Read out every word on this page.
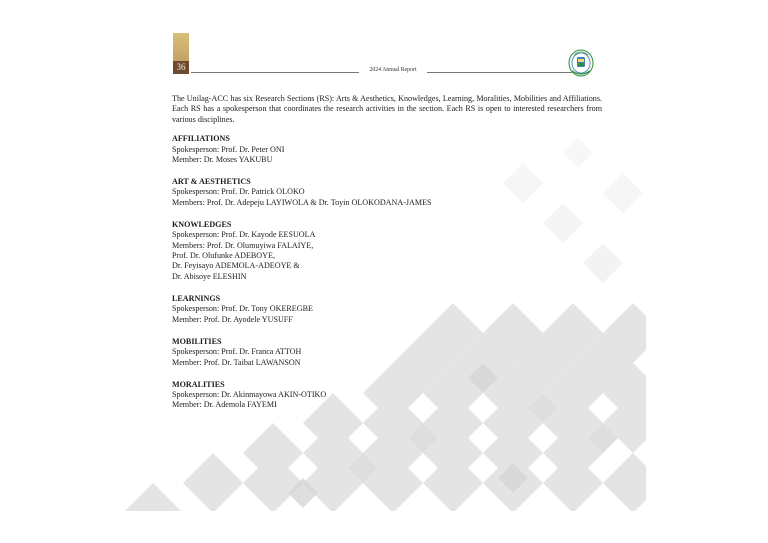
36	2024 Annual Report

The Unilag-ACC has six Research Sections (RS): Arts & Aesthetics, Knowledges, Learning, Moralities, Mobilities and Affiliations. Each RS has a spokesperson that coordinates the research activities in the section. Each RS is open to interested researchers from various disciplines.

AFFILIATIONS

Spokesperson: Prof. Dr. Peter ONI

Member: Dr. Moses YAKUBU

ART & AESTHETICS

Spokesperson: Prof. Dr. Patrick OLOKO

Members: Prof. Dr. Adepeju LAYIWOLA & Dr. Toyin OLOKODANA-JAMES

KNOWLEDGES

Spokesperson: Prof. Dr. Kayode EESUOLA

Members: Prof. Dr. Olumuyiwa FALAIYE,

Prof. Dr. Olufunke ADEBOYE,

Dr. Feyisayo ADEMOLA-ADEOYE &

Dr. Abisoye ELESHIN

LEARNINGS

Spokesperson: Prof. Dr. Tony OKEREGBE

Member: Prof. Dr. Ayodele YUSUFF

MOBILITIES

Spokesperson: Prof. Dr. Franca ATTOH

Member: Prof. Dr. Taibat LAWANSON

MORALITIES

Spokesperson: Dr. Akinmayowa AKIN-OTIKO

Member: Dr. Ademola FAYEMI
